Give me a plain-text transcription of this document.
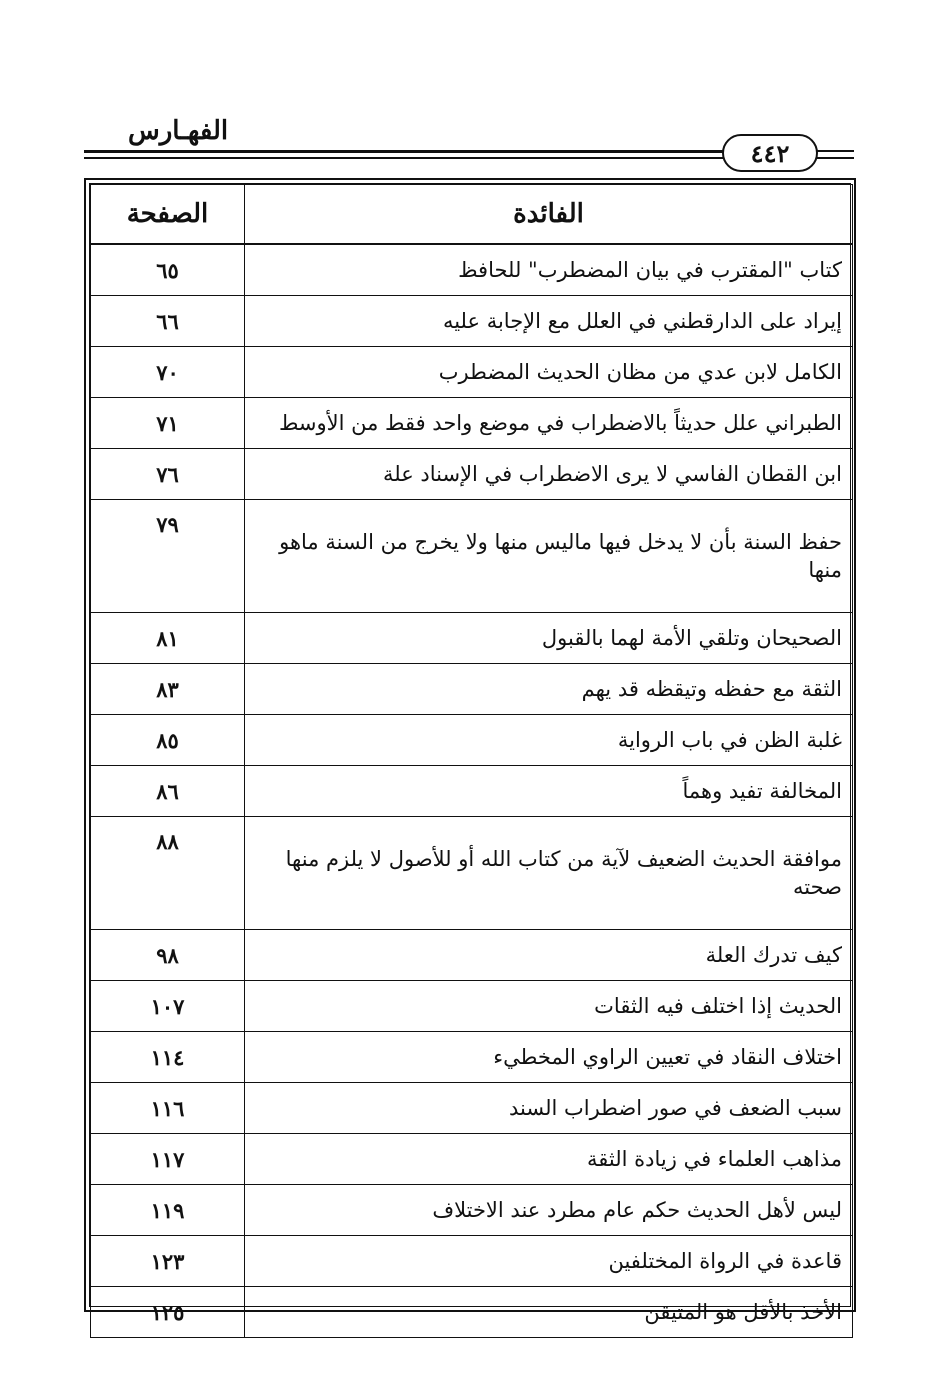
الفهـارس
٤٤٢
الفائدة	الصفحة
كتاب "المقترب في بيان المضطرب" للحافظ	٦٥
إيراد على الدارقطني في العلل مع الإجابة عليه	٦٦
الكامل لابن عدي من مظان الحديث المضطرب	٧٠
الطبراني علل حديثاً بالاضطراب في موضع واحد فقط من الأوسط	٧١
ابن القطان الفاسي لا يرى الاضطراب في الإسناد علة	٧٦
حفظ السنة بأن لا يدخل فيها ماليس منها ولا يخرج من السنة ماهو منها	٧٩
الصحيحان وتلقي الأمة لهما بالقبول	٨١
الثقة مع حفظه وتيقظه قد يهم	٨٣
غلبة الظن في باب الرواية	٨٥
المخالفة تفيد وهماً	٨٦
موافقة الحديث الضعيف لآية من كتاب الله أو للأصول لا يلزم منها صحته	٨٨
كيف تدرك العلة	٩٨
الحديث إذا اختلف فيه الثقات	١٠٧
اختلاف النقاد في تعيين الراوي المخطيء	١١٤
سبب الضعف في صور اضطراب السند	١١٦
مذاهب العلماء في زيادة الثقة	١١٧
ليس لأهل الحديث حكم عام مطرد عند الاختلاف	١١٩
قاعدة في الرواة المختلفين	١٢٣
الأخذ بالأقل هو المتيقن	١٢٥
